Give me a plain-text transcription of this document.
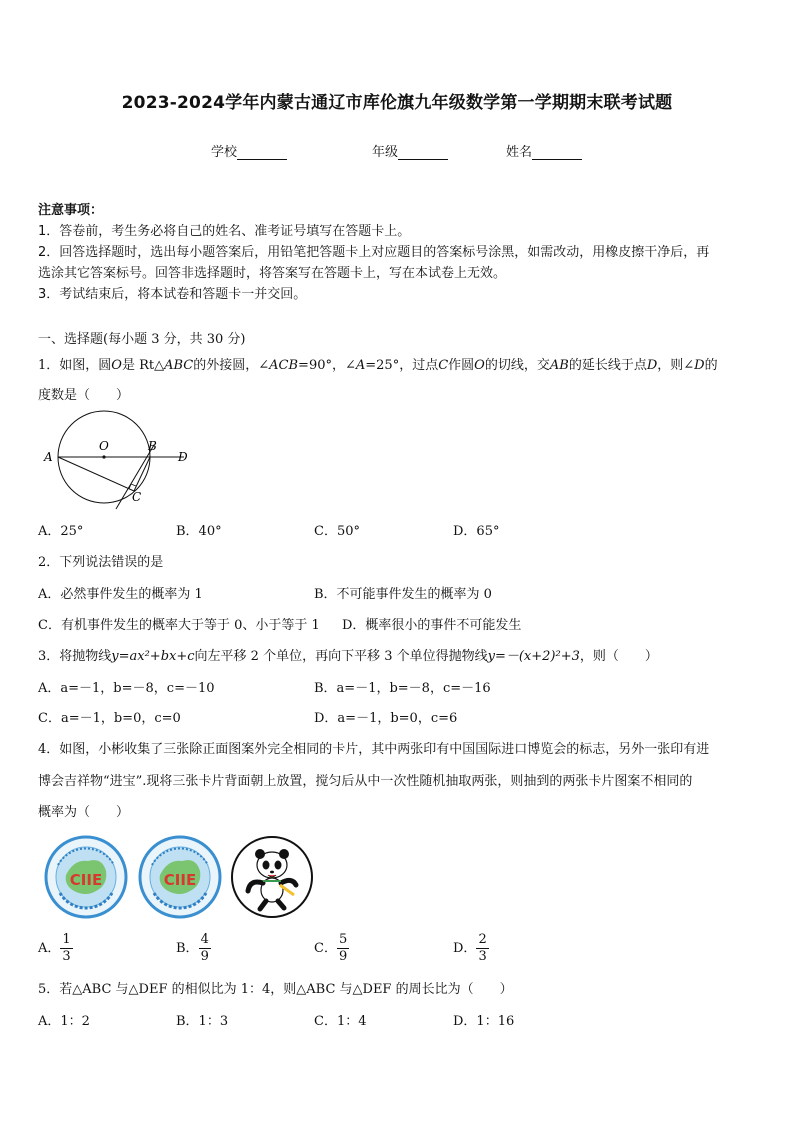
2023-2024学年内蒙古通辽市库伦旗九年级数学第一学期期末联考试题
学校	年级	姓名
注意事项：
1．答卷前，考生务必将自己的姓名、准考证号填写在答题卡上。
2．回答选择题时，选出每小题答案后，用铅笔把答题卡上对应题目的答案标号涂黑，如需改动，用橡皮擦干净后，再
选涂其它答案标号。回答非选择题时，将答案写在答题卡上，写在本试卷上无效。
3．考试结束后，将本试卷和答题卡一并交回。
一、选择题(每小题 3 分，共 30 分)
1．如图，圆O是 Rt△ABC的外接圆，∠ACB=90°，∠A=25°，过点C作圆O的切线，交AB的延长线于点D，则∠D的
度数是（　　）
A
O	B
D
C
A．25°	B．40°	C．50°	D．65°
2．下列说法错误的是
A．必然事件发生的概率为 1	B．不可能事件发生的概率为 0
C．有机事件发生的概率大于等于 0、小于等于 1 D．概率很小的事件不可能发生
3．将抛物线y=ax²+bx+c向左平移 2 个单位，再向下平移 3 个单位得抛物线y=－(x+2)²+3，则（　　）
A．a=－1，b=－8，c=－10	B．a=－1，b=－8，c=－16
C．a=－1，b=0，c=0	D．a=－1，b=0，c=6
4．如图，小彬收集了三张除正面图案外完全相同的卡片，其中两张印有中国国际进口博览会的标志，另外一张印有进
博会吉祥物“进宝”.现将三张卡片背面朝上放置，搅匀后从中一次性随机抽取两张，则抽到的两张卡片图案不相同的
概率为（　　）
CIIE	CIIE
A． $\frac{1}{3}$	B． $\frac{4}{9}$	C． $\frac{5}{9}$	D． $\frac{2}{3}$
5．若△ABC 与△DEF 的相似比为 1：4，则△ABC 与△DEF 的周长比为（　　）
A．1：2	B．1：3	C．1：4	D．1：16
